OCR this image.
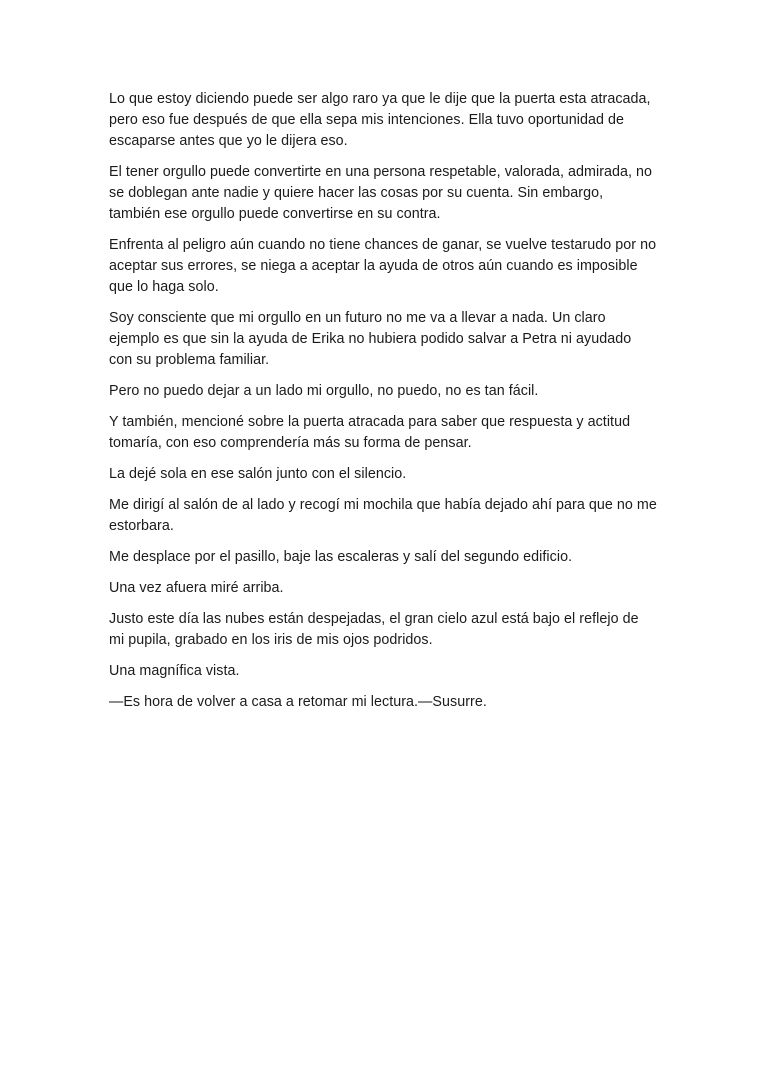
Lo que estoy diciendo puede ser algo raro ya que le dije que la puerta esta atracada, pero eso fue después de que ella sepa mis intenciones. Ella tuvo oportunidad de escaparse antes que yo le dijera eso.

El tener orgullo puede convertirte en una persona respetable, valorada, admirada, no se doblegan ante nadie y quiere hacer las cosas por su cuenta. Sin embargo, también ese orgullo puede convertirse en su contra.

Enfrenta al peligro aún cuando no tiene chances de ganar, se vuelve testarudo por no aceptar sus errores, se niega a aceptar la ayuda de otros aún cuando es imposible que lo haga solo.

Soy consciente que mi orgullo en un futuro no me va a llevar a nada. Un claro ejemplo es que sin la ayuda de Erika no hubiera podido salvar a Petra ni ayudado con su problema familiar.

Pero no puedo dejar a un lado mi orgullo, no puedo, no es tan fácil.

Y también, mencioné sobre la puerta atracada para saber que respuesta y actitud tomaría, con eso comprendería más su forma de pensar.

La dejé sola en ese salón junto con el silencio.

Me dirigí al salón de al lado y recogí mi mochila que había dejado ahí para que no me estorbara.

Me desplace por el pasillo, baje las escaleras y salí del segundo edificio.

Una vez afuera miré arriba.

Justo este día las nubes están despejadas, el gran cielo azul está bajo el reflejo de mi pupila, grabado en los iris de mis ojos podridos.

Una magnífica vista.

—Es hora de volver a casa a retomar mi lectura.—Susurre.
